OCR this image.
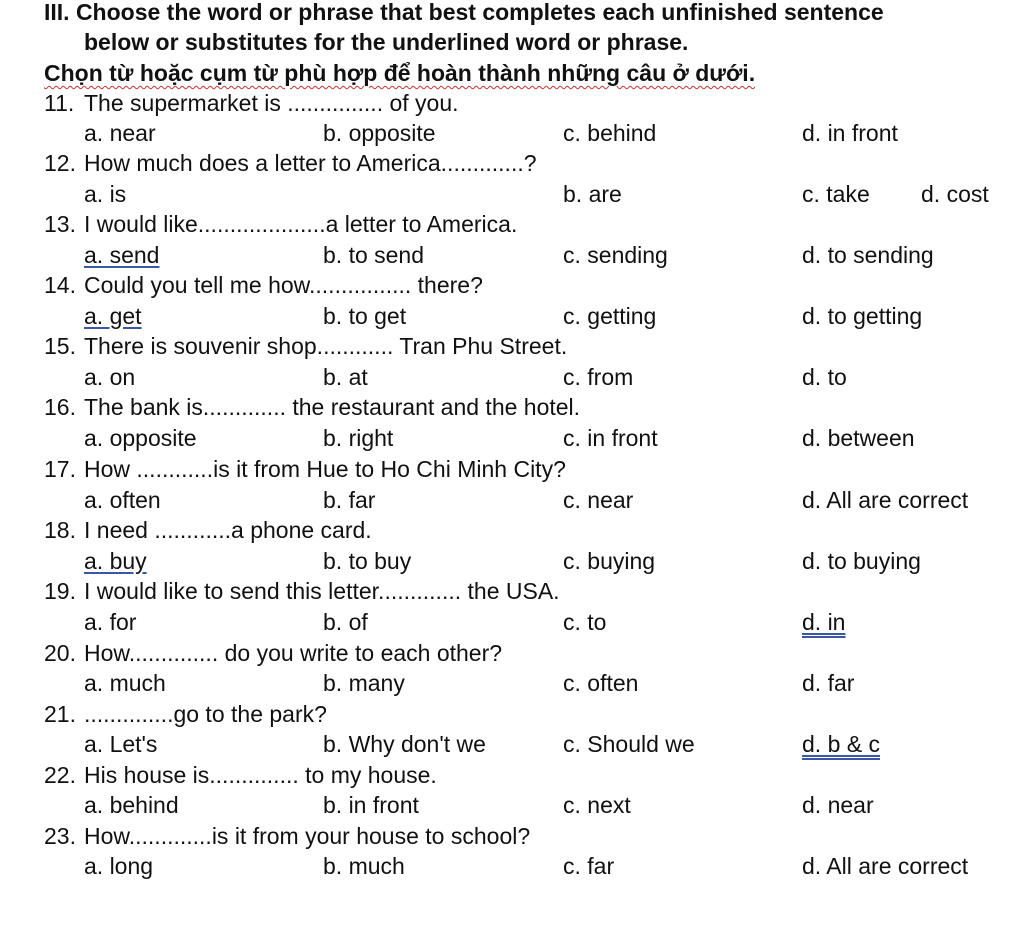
III. Choose the word or phrase that best completes each unfinished sentence
below or substitutes for the underlined word or phrase.
Chọn từ hoặc cụm từ phù hợp để hoàn thành những câu ở dưới.
11. The supermarket is ............... of you.
a. near	b. opposite	c. behind	d. in front
12. How much does a letter to America.............?
a. is	b. are	c. take d. cost
13. I would like....................a letter to America.
a. send	b. to send	c. sending	d. to sending
14. Could you tell me how................ there?
a. get	b. to get	c. getting	d. to getting
15. There is souvenir shop............ Tran Phu Street.
a. on	b. at	c. from	d. to
16. The bank is............. the restaurant and the hotel.
a. opposite	b. right	c. in front	d. between
17. How ............is it from Hue to Ho Chi Minh City?
a. often	b. far	c. near	d. All are correct
18. I need ............a phone card.
a. buy	b. to buy	c. buying	d. to buying
19. I would like to send this letter............. the USA.
a. for	b. of	c. to	d. in
20. How.............. do you write to each other?
a. much	b. many	c. often	d. far
21. ..............go to the park?
a. Let's	b. Why don't we	c. Should we	d. b & c
22. His house is.............. to my house.
a. behind	b. in front	c. next	d. near
23. How.............is it from your house to school?
a. long	b. much	c. far	d. All are correct
